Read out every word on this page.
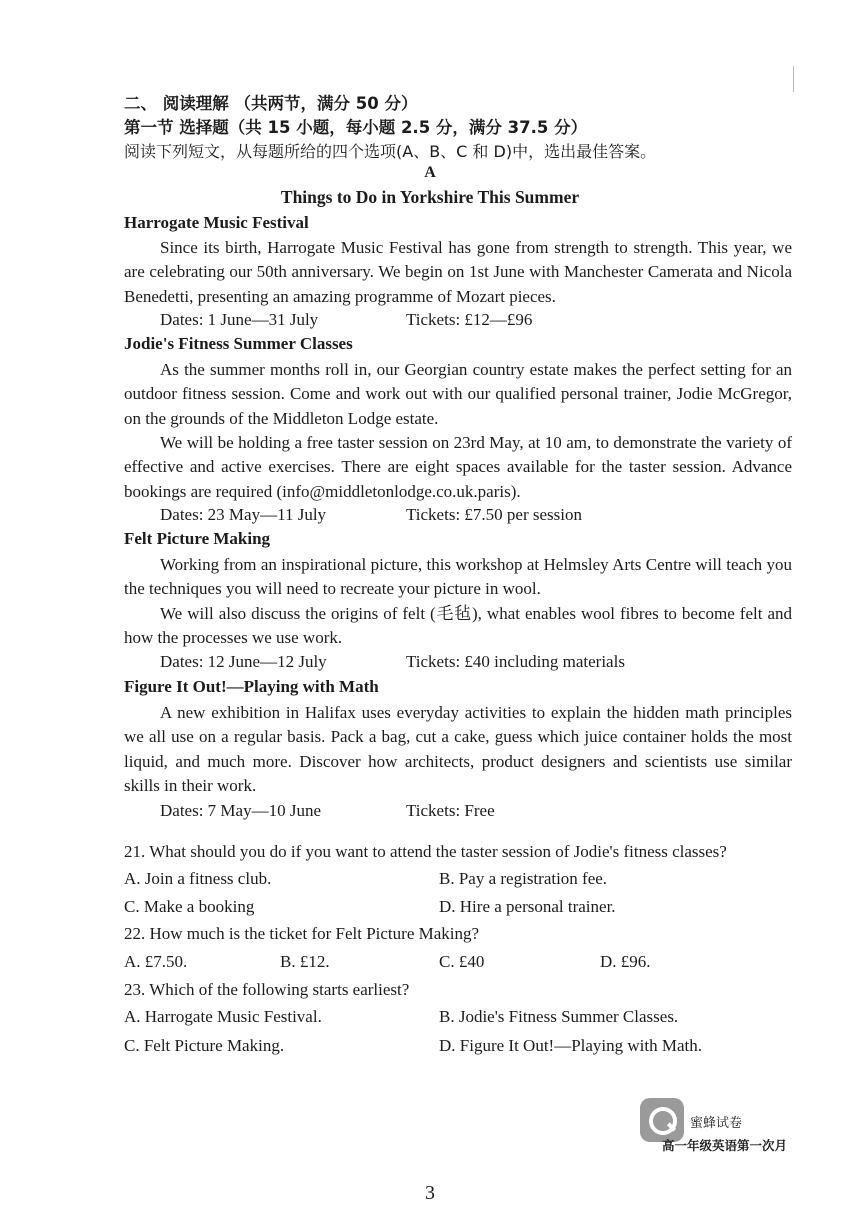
二、 阅读理解 （共两节，满分 50 分）
第一节 选择题（共 15 小题，每小题 2.5 分，满分 37.5 分）
阅读下列短文，从每题所给的四个选项(A、B、C 和 D)中，选出最佳答案。
A
Things to Do in Yorkshire This Summer
Harrogate Music Festival
Since its birth, Harrogate Music Festival has gone from strength to strength. This year, we are celebrating our 50th anniversary. We begin on 1st June with Manchester Camerata and Nicola Benedetti, presenting an amazing programme of Mozart pieces.
Dates: 1 June—31 July	Tickets: £12—£96
Jodie's Fitness Summer Classes
As the summer months roll in, our Georgian country estate makes the perfect setting for an outdoor fitness session. Come and work out with our qualified personal trainer, Jodie McGregor, on the grounds of the Middleton Lodge estate.
We will be holding a free taster session on 23rd May, at 10 am, to demonstrate the variety of effective and active exercises. There are eight spaces available for the taster session. Advance bookings are required (info@middletonlodge.co.uk.paris).
Dates: 23 May—11 July	Tickets: £7.50 per session
Felt Picture Making
Working from an inspirational picture, this workshop at Helmsley Arts Centre will teach you the techniques you will need to recreate your picture in wool.
We will also discuss the origins of felt (毛毡), what enables wool fibres to become felt and how the processes we use work.
Dates: 12 June—12 July	Tickets: £40 including materials
Figure It Out!—Playing with Math
A new exhibition in Halifax uses everyday activities to explain the hidden math principles we all use on a regular basis. Pack a bag, cut a cake, guess which juice container holds the most liquid, and much more. Discover how architects, product designers and scientists use similar skills in their work.
Dates: 7 May—10 June	Tickets: Free
21. What should you do if you want to attend the taster session of Jodie's fitness classes?
A. Join a fitness club.	B. Pay a registration fee.
C. Make a booking	D. Hire a personal trainer.
22. How much is the ticket for Felt Picture Making?
A. £7.50.	B. £12.	C. £40	D. £96.
23. Which of the following starts earliest?
A. Harrogate Music Festival.	B. Jodie's Fitness Summer Classes.
C. Felt Picture Making.	D. Figure It Out!—Playing with Math.
蜜蜂试卷
高一年级英语第一次月
3
